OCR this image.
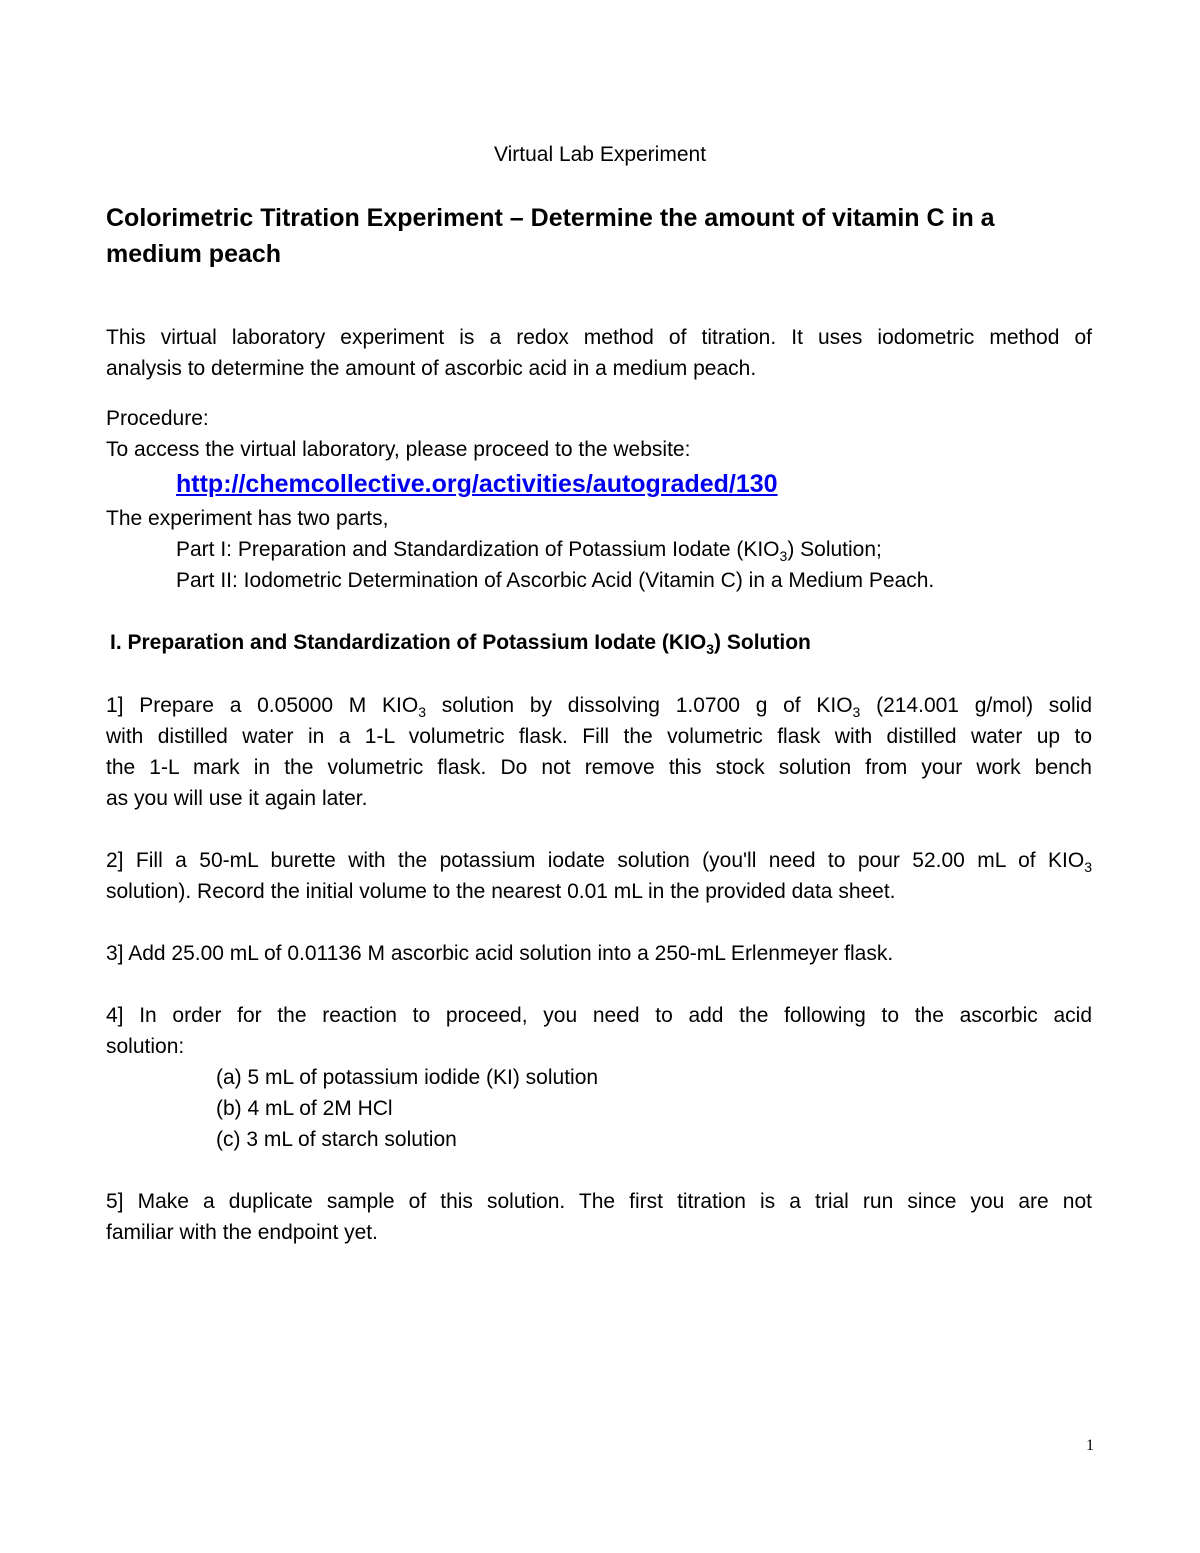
Virtual Lab Experiment
Colorimetric Titration Experiment – Determine the amount of vitamin C in a
medium peach
This virtual laboratory experiment is a redox method of titration. It uses iodometric method of
analysis to determine the amount of ascorbic acid in a medium peach.
Procedure:
To access the virtual laboratory, please proceed to the website:
http://chemcollective.org/activities/autograded/130
The experiment has two parts,
Part I: Preparation and Standardization of Potassium Iodate $(KIO_3)$ Solution;
Part II: Iodometric Determination of Ascorbic Acid (Vitamin C) in a Medium Peach.
I. Preparation and Standardization of Potassium Iodate $(KIO_3)$ Solution
1] Prepare a 0.05000 M $KIO_3$ solution by dissolving 1.0700 g of $KIO_3$ (214.001 g/mol) solid
with distilled water in a 1-L volumetric flask. Fill the volumetric flask with distilled water up to
the 1-L mark in the volumetric flask. Do not remove this stock solution from your work bench
as you will use it again later.
2] Fill a 50-mL burette with the potassium iodate solution (you'll need to pour 52.00 mL of $KIO_3$
solution). Record the initial volume to the nearest 0.01 mL in the provided data sheet.
3] Add 25.00 mL of 0.01136 M ascorbic acid solution into a 250-mL Erlenmeyer flask.
4] In order for the reaction to proceed, you need to add the following to the ascorbic acid
solution:
(a) 5 mL of potassium iodide (KI) solution
(b) 4 mL of 2M HCl
(c) 3 mL of starch solution
5] Make a duplicate sample of this solution. The first titration is a trial run since you are not
familiar with the endpoint yet.
1
